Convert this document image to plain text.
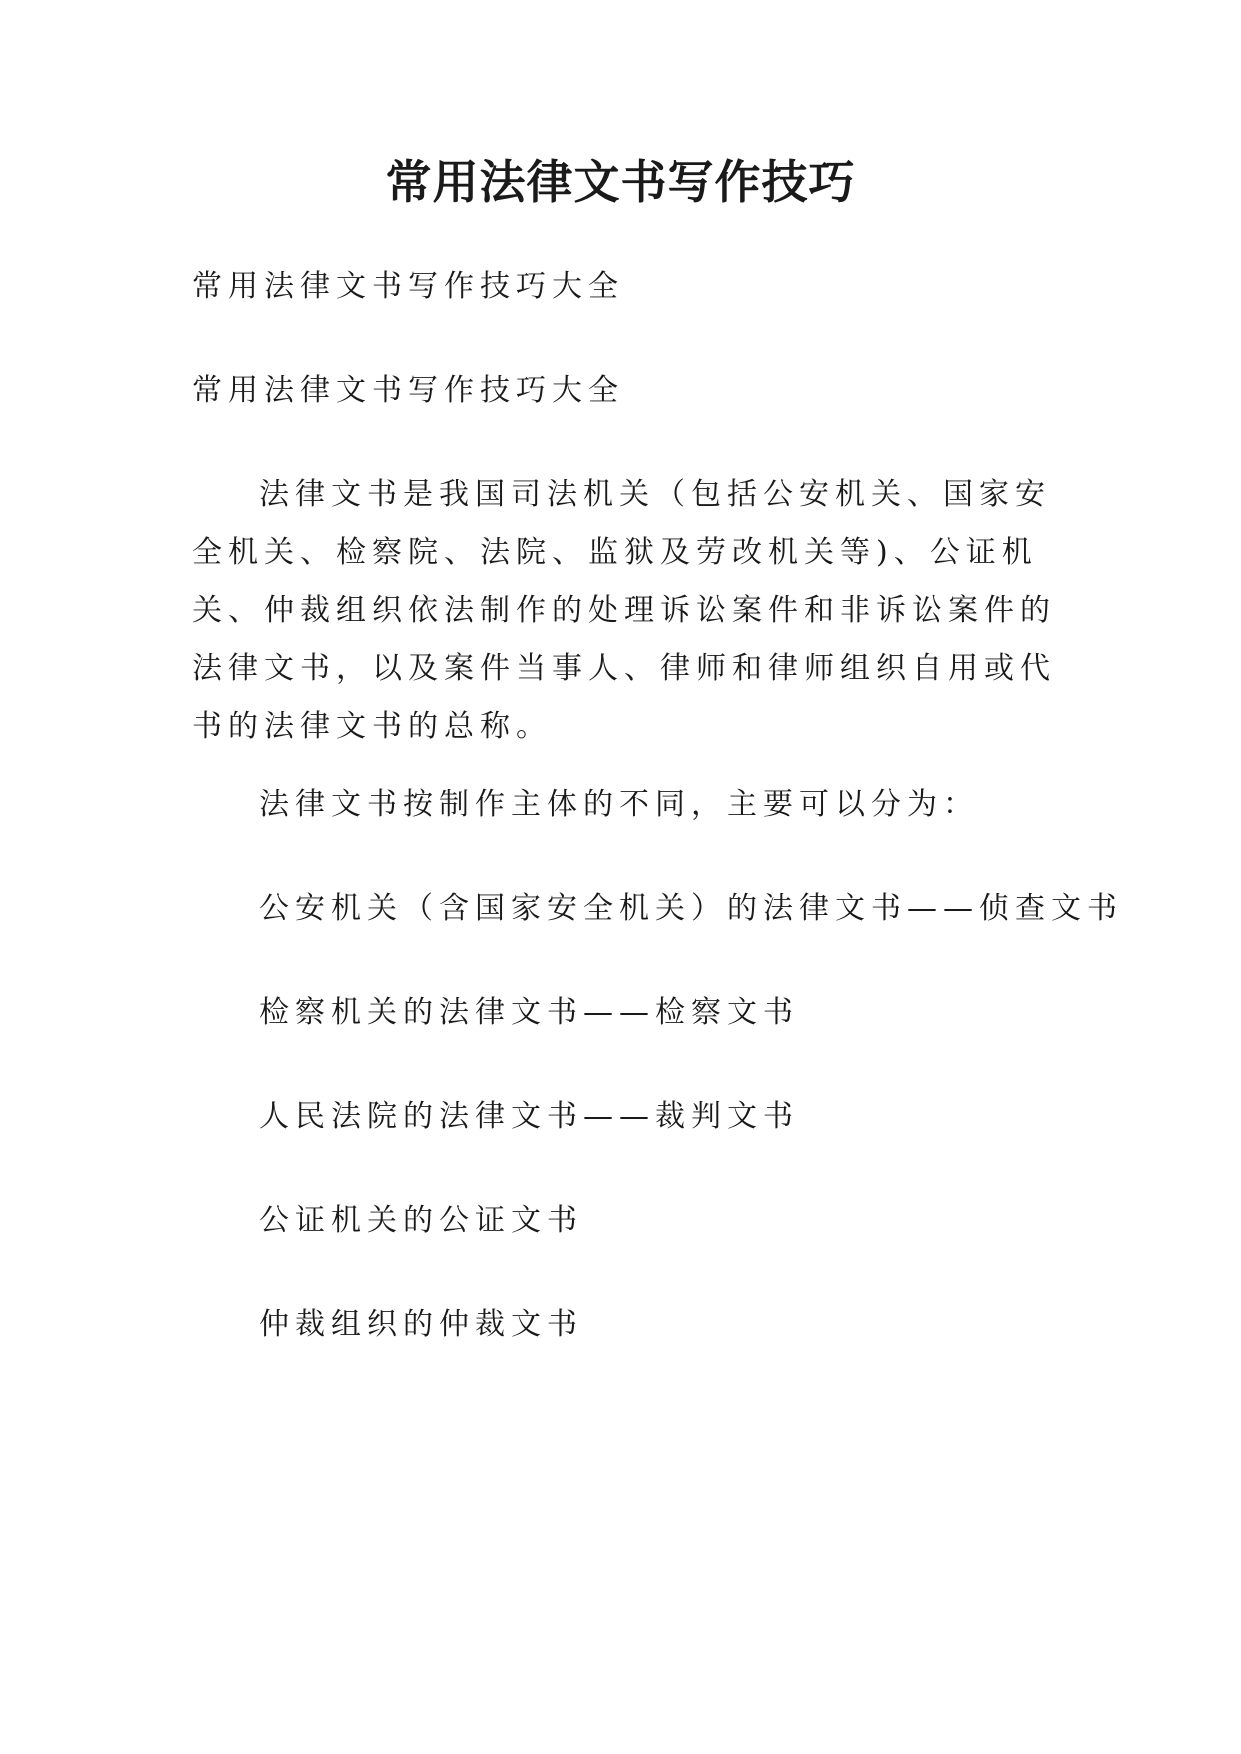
常用法律文书写作技巧

常用法律文书写作技巧大全

常用法律文书写作技巧大全

法律文书是我国司法机关（包括公安机关、国家安全机关、检察院、法院、监狱及劳改机关等)、公证机关、仲裁组织依法制作的处理诉讼案件和非诉讼案件的法律文书，以及案件当事人、律师和律师组织自用或代书的法律文书的总称。

法律文书按制作主体的不同，主要可以分为：

公安机关（含国家安全机关）的法律文书——侦查文书

检察机关的法律文书——检察文书

人民法院的法律文书——裁判文书

公证机关的公证文书

仲裁组织的仲裁文书
